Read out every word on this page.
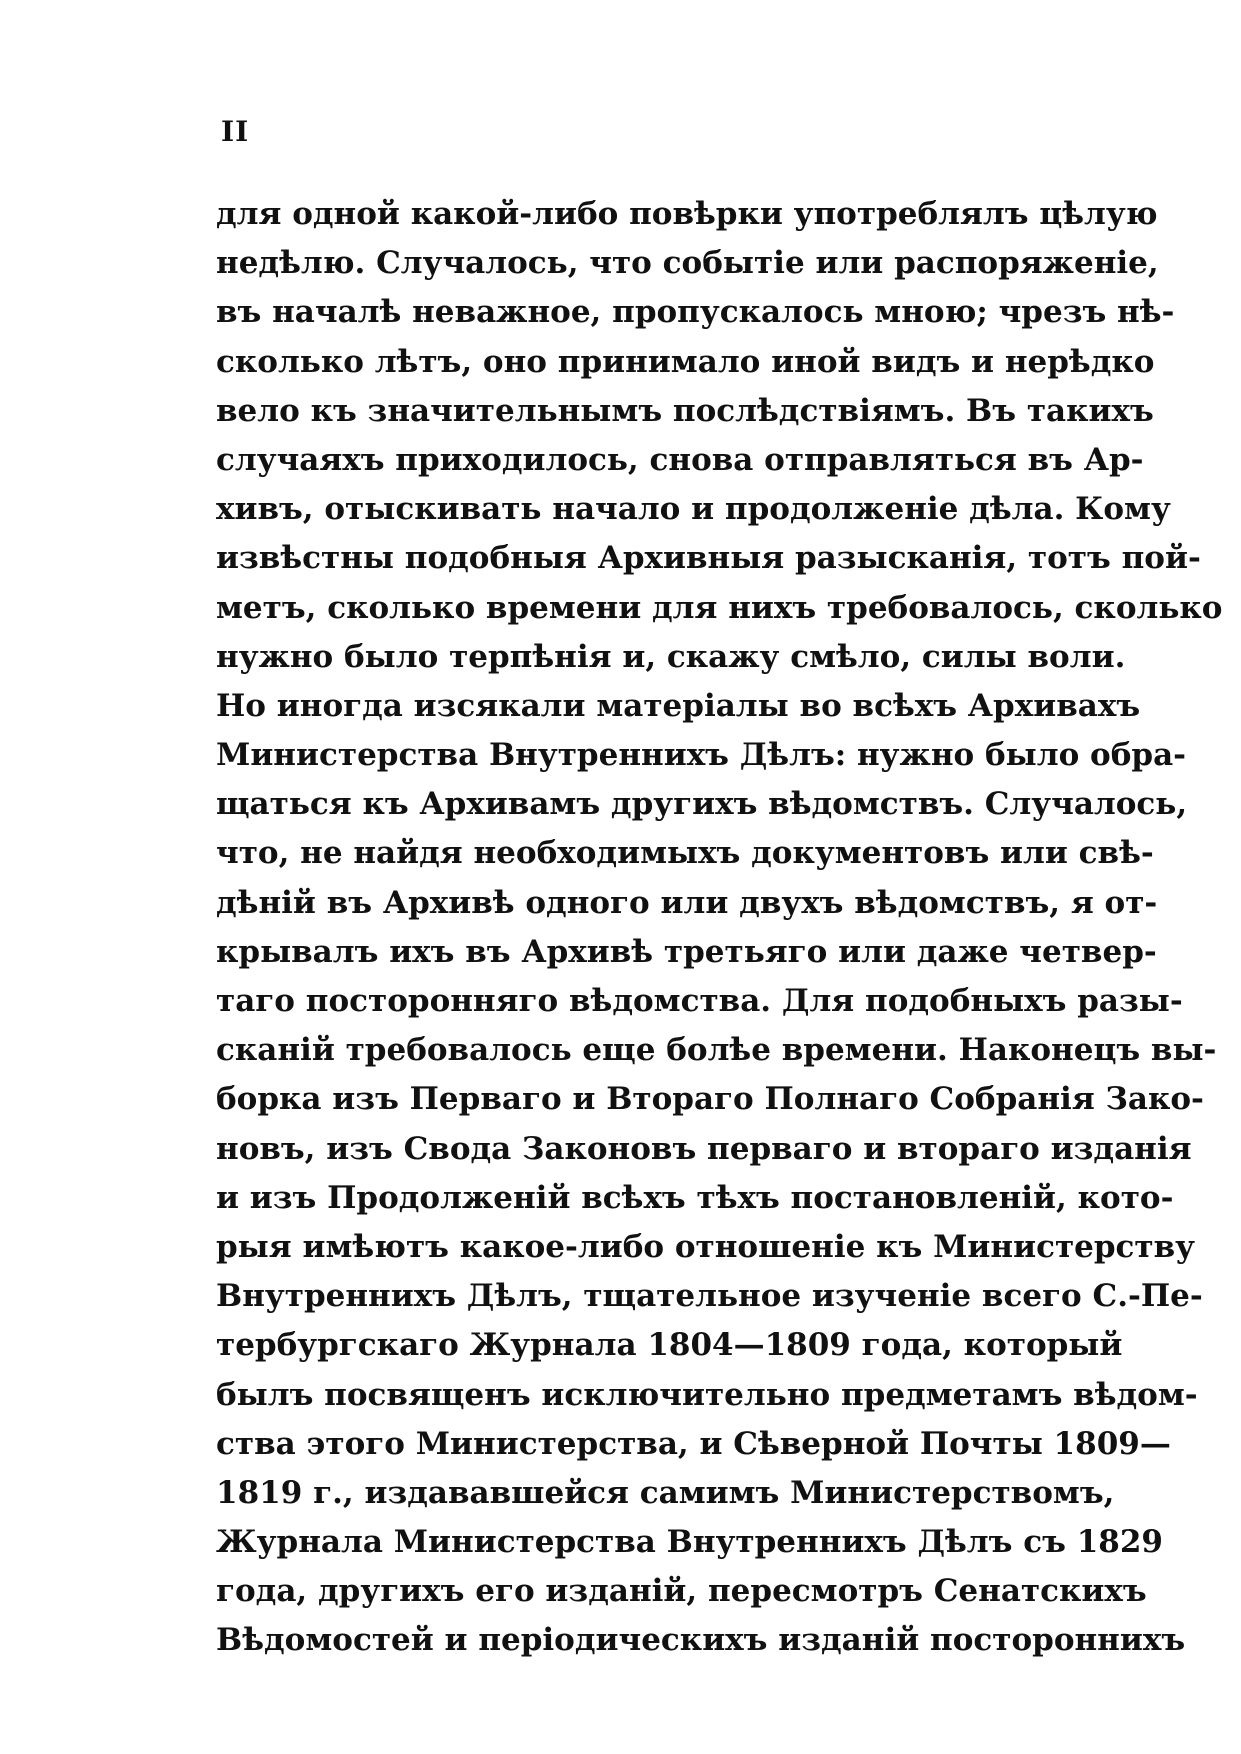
II
для одной какой-либо повѣрки употреблялъ цѣлую
недѣлю. Случалось, что событіе или распоряженіе,
въ началѣ неважное, пропускалось мною; чрезъ нѣ-
сколько лѣтъ, оно принимало иной видъ и нерѣдко
вело къ значительнымъ послѣдствіямъ. Въ такихъ
случаяхъ приходилось, снова отправляться въ Ар-
хивъ, отыскивать начало и продолженіе дѣла. Кому
извѣстны подобныя Архивныя разысканія, тотъ пой-
метъ, сколько времени для нихъ требовалось, сколько
нужно было терпѣнія и, скажу смѣло, силы воли.
Но иногда изсякали матеріалы во всѣхъ Архивахъ
Министерства Внутреннихъ Дѣлъ: нужно было обра-
щаться къ Архивамъ другихъ вѣдомствъ. Случалось,
что, не найдя необходимыхъ документовъ или свѣ-
дѣній въ Архивѣ одного или двухъ вѣдомствъ, я от-
крывалъ ихъ въ Архивѣ третьяго или даже четвер-
таго посторонняго вѣдомства. Для подобныхъ разы-
сканій требовалось еще болѣе времени. Наконецъ вы-
борка изъ Перваго и Втораго Полнаго Собранія Зако-
новъ, изъ Свода Законовъ перваго и втораго изданія
и изъ Продолженій всѣхъ тѣхъ постановленій, кото-
рыя имѣютъ какое-либо отношеніе къ Министерству
Внутреннихъ Дѣлъ, тщательное изученіе всего С.-Пе-
тербургскаго Журнала 1804—1809 года, который
былъ посвященъ исключительно предметамъ вѣдом-
ства этого Министерства, и Сѣверной Почты 1809—
1819 г., издававшейся самимъ Министерствомъ,
Журнала Министерства Внутреннихъ Дѣлъ съ 1829
года, другихъ его изданій, пересмотръ Сенатскихъ
Вѣдомостей и періодическихъ изданій постороннихъ
